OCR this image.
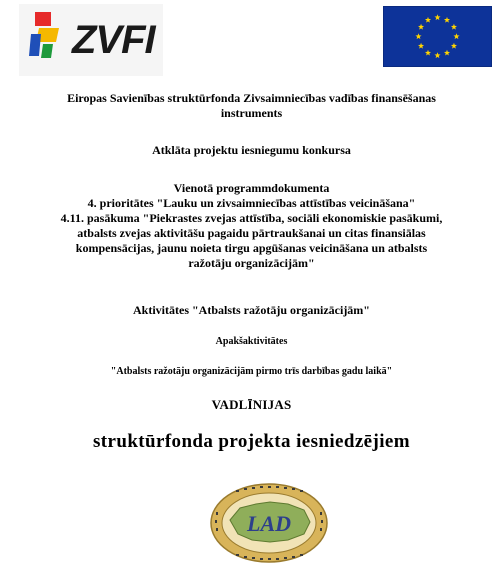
ZVFI
Eiropas Savienības struktūrfonda Zivsaimniecības vadības finansēšanas
instruments
Atklāta projektu iesniegumu konkursa
Vienotā programmdokumenta
4. prioritātes "Lauku un zivsaimniecības attīstības veicināšana"
4.11. pasākuma "Piekrastes zvejas attīstība, sociāli ekonomiskie pasākumi,
atbalsts zvejas aktivitāšu pagaidu pārtraukšanai un citas finansiālas
kompensācijas, jaunu noieta tirgu apgūšanas veicināšana un atbalsts
ražotāju organizācijām"
Aktivitātes "Atbalsts ražotāju organizācijām"
Apakšaktivitātes
"Atbalsts ražotāju organizācijām pirmo trīs darbības gadu laikā"
VADLĪNIJAS
struktūrfonda projekta iesniedzējiem
LAD
